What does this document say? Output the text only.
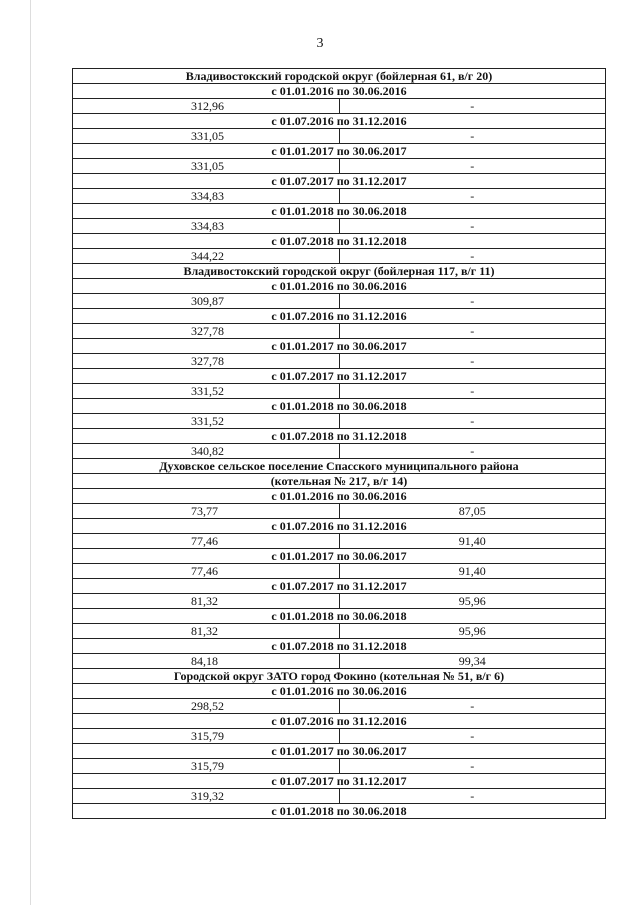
3
Владивостокский городской округ (бойлерная 61, в/г 20)	
с 01.01.2016 по 30.06.2016	
312,96	-
с 01.07.2016 по 31.12.2016	
331,05	-
с 01.01.2017 по 30.06.2017	
331,05	-
с 01.07.2017 по 31.12.2017	
334,83	-
с 01.01.2018 по 30.06.2018	
334,83	-
с 01.07.2018 по 31.12.2018	
344,22	-
Владивостокский городской округ (бойлерная 117, в/г 11)	
с 01.01.2016 по 30.06.2016	
309,87	-
с 01.07.2016 по 31.12.2016	
327,78	-
с 01.01.2017 по 30.06.2017	
327,78	-
с 01.07.2017 по 31.12.2017	
331,52	-
с 01.01.2018 по 30.06.2018	
331,52	-
с 01.07.2018 по 31.12.2018	
340,82	-
Духовское сельское поселение Спасского муниципального района	
(котельная № 217, в/г 14)	
с 01.01.2016 по 30.06.2016	
73,77	87,05
с 01.07.2016 по 31.12.2016	
77,46	91,40
с 01.01.2017 по 30.06.2017	
77,46	91,40
с 01.07.2017 по 31.12.2017	
81,32	95,96
с 01.01.2018 по 30.06.2018	
81,32	95,96
с 01.07.2018 по 31.12.2018	
84,18	99,34
Городской округ ЗАТО город Фокино (котельная № 51, в/г 6)	
с 01.01.2016 по 30.06.2016	
298,52	-
с 01.07.2016 по 31.12.2016	
315,79	-
с 01.01.2017 по 30.06.2017	
315,79	-
с 01.07.2017 по 31.12.2017	
319,32	-
с 01.01.2018 по 30.06.2018	
